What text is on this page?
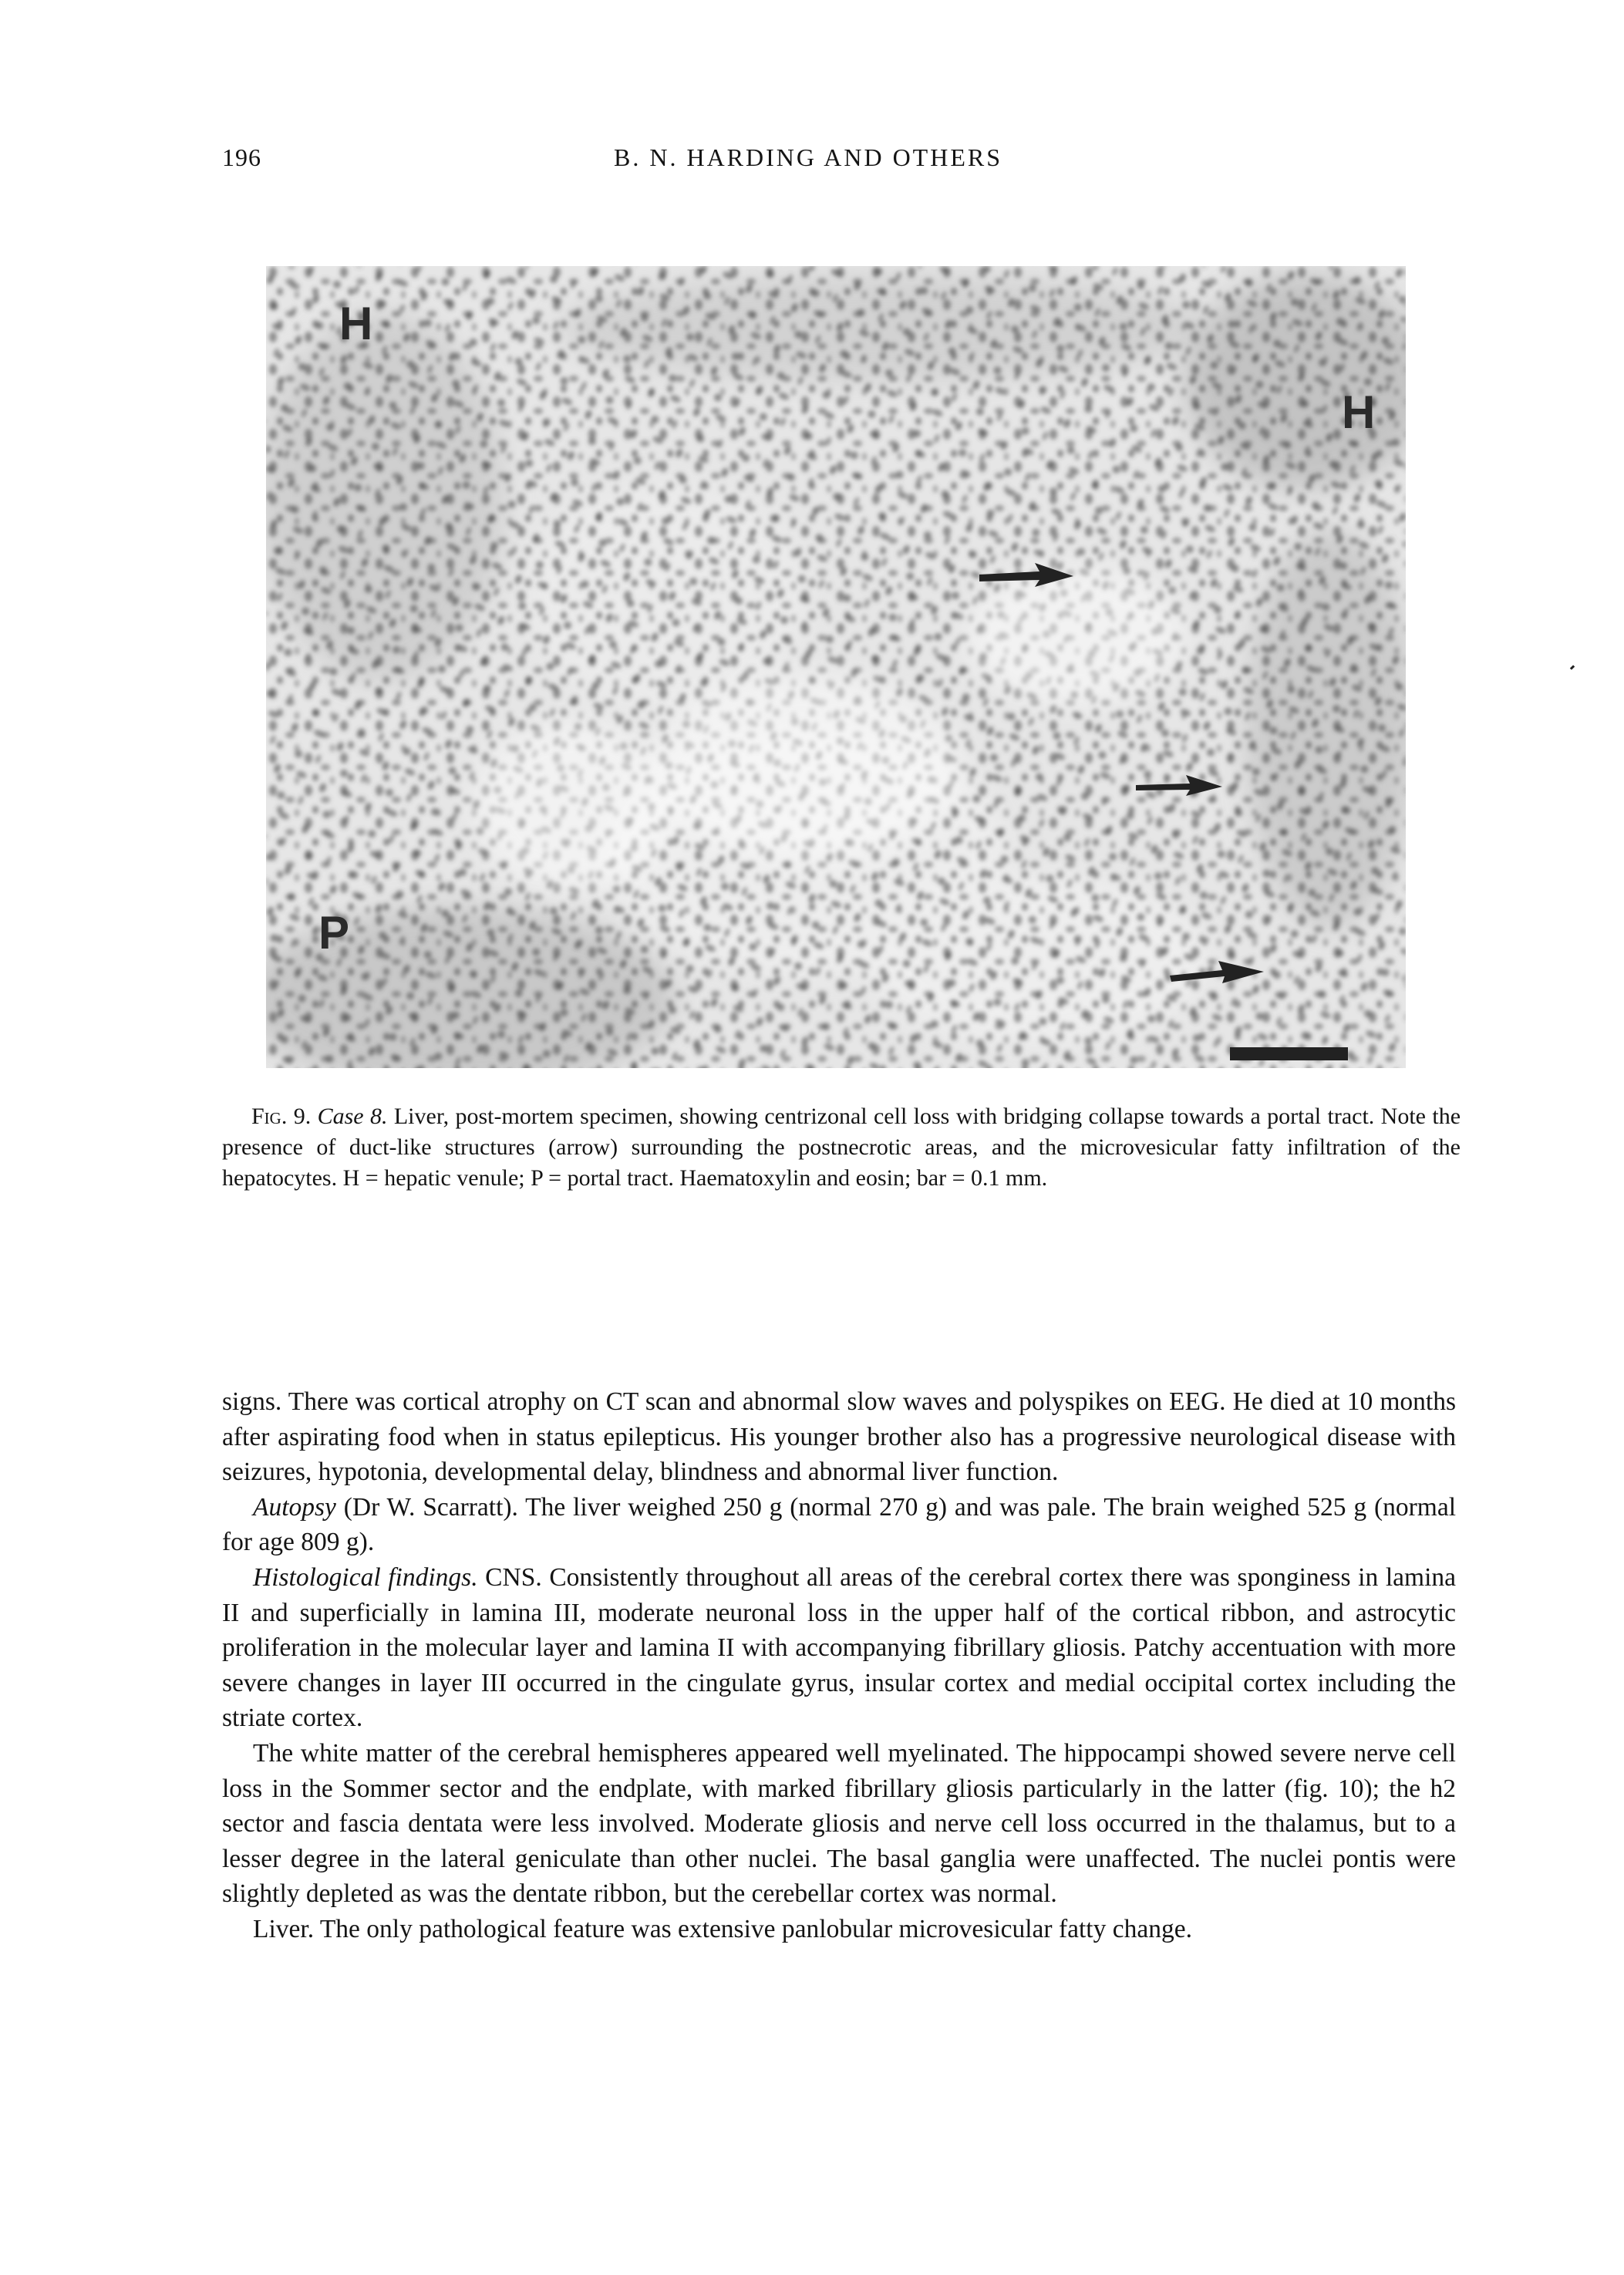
196	B. N. HARDING AND OTHERS
H
H
P
Fig. 9. Case 8. Liver, post-mortem specimen, showing centrizonal cell loss with bridging collapse towards a portal tract. Note the presence of duct-like structures (arrow) surrounding the postnecrotic areas, and the microvesicular fatty infiltration of the hepatocytes. H = hepatic venule; P = portal tract. Haematoxylin and eosin; bar = 0.1 mm.

signs. There was cortical atrophy on CT scan and abnormal slow waves and polyspikes on EEG. He died at 10 months after aspirating food when in status epilepticus. His younger brother also has a progressive neurological disease with seizures, hypotonia, developmental delay, blindness and abnormal liver function.

Autopsy (Dr W. Scarratt). The liver weighed 250 g (normal 270 g) and was pale. The brain weighed 525 g (normal for age 809 g).

Histological findings. CNS. Consistently throughout all areas of the cerebral cortex there was sponginess in lamina II and superficially in lamina III, moderate neuronal loss in the upper half of the cortical ribbon, and astrocytic proliferation in the molecular layer and lamina II with accompanying fibrillary gliosis. Patchy accentuation with more severe changes in layer III occurred in the cingulate gyrus, insular cortex and medial occipital cortex including the striate cortex.

The white matter of the cerebral hemispheres appeared well myelinated. The hippocampi showed severe nerve cell loss in the Sommer sector and the endplate, with marked fibrillary gliosis particularly in the latter (fig. 10); the h2 sector and fascia dentata were less involved. Moderate gliosis and nerve cell loss occurred in the thalamus, but to a lesser degree in the lateral geniculate than other nuclei. The basal ganglia were unaffected. The nuclei pontis were slightly depleted as was the dentate ribbon, but the cerebellar cortex was normal.

Liver. The only pathological feature was extensive panlobular microvesicular fatty change.
